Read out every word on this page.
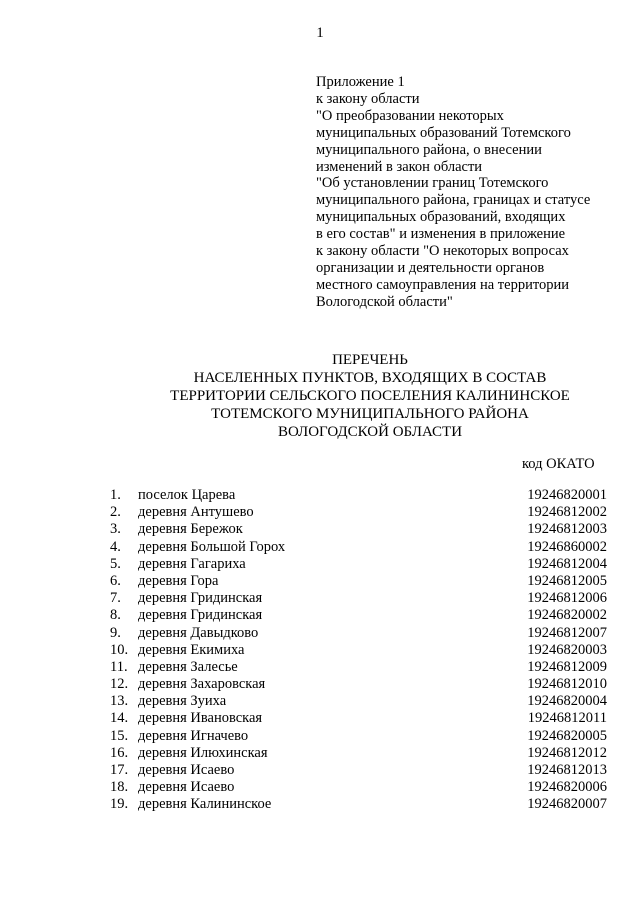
1
Приложение 1
к закону области
"О преобразовании некоторых
муниципальных образований Тотемского
муниципального района, о внесении
изменений в закон области
"Об установлении границ Тотемского
муниципального района, границах и статусе
муниципальных образований, входящих
в его состав" и изменения в приложение
к закону области "О некоторых вопросах
организации и деятельности органов
местного самоуправления на территории
Вологодской области"
ПЕРЕЧЕНЬ
НАСЕЛЕННЫХ ПУНКТОВ, ВХОДЯЩИХ В СОСТАВ
ТЕРРИТОРИИ СЕЛЬСКОГО ПОСЕЛЕНИЯ КАЛИНИНСКОЕ
ТОТЕМСКОГО МУНИЦИПАЛЬНОГО РАЙОНА
ВОЛОГОДСКОЙ ОБЛАСТИ
код ОКАТО
1. поселок Царева	19246820001
2. деревня Антушево	19246812002
3. деревня Бережок	19246812003
4. деревня Большой Горох	19246860002
5. деревня Гагариха	19246812004
6. деревня Гора	19246812005
7. деревня Гридинская	19246812006
8. деревня Гридинская	19246820002
9. деревня Давыдково	19246812007
10. деревня Екимиха	19246820003
11. деревня Залесье	19246812009
12. деревня Захаровская	19246812010
13. деревня Зуиха	19246820004
14. деревня Ивановская	19246812011
15. деревня Игначево	19246820005
16. деревня Илюхинская	19246812012
17. деревня Исаево	19246812013
18. деревня Исаево	19246820006
19. деревня Калининское	19246820007
